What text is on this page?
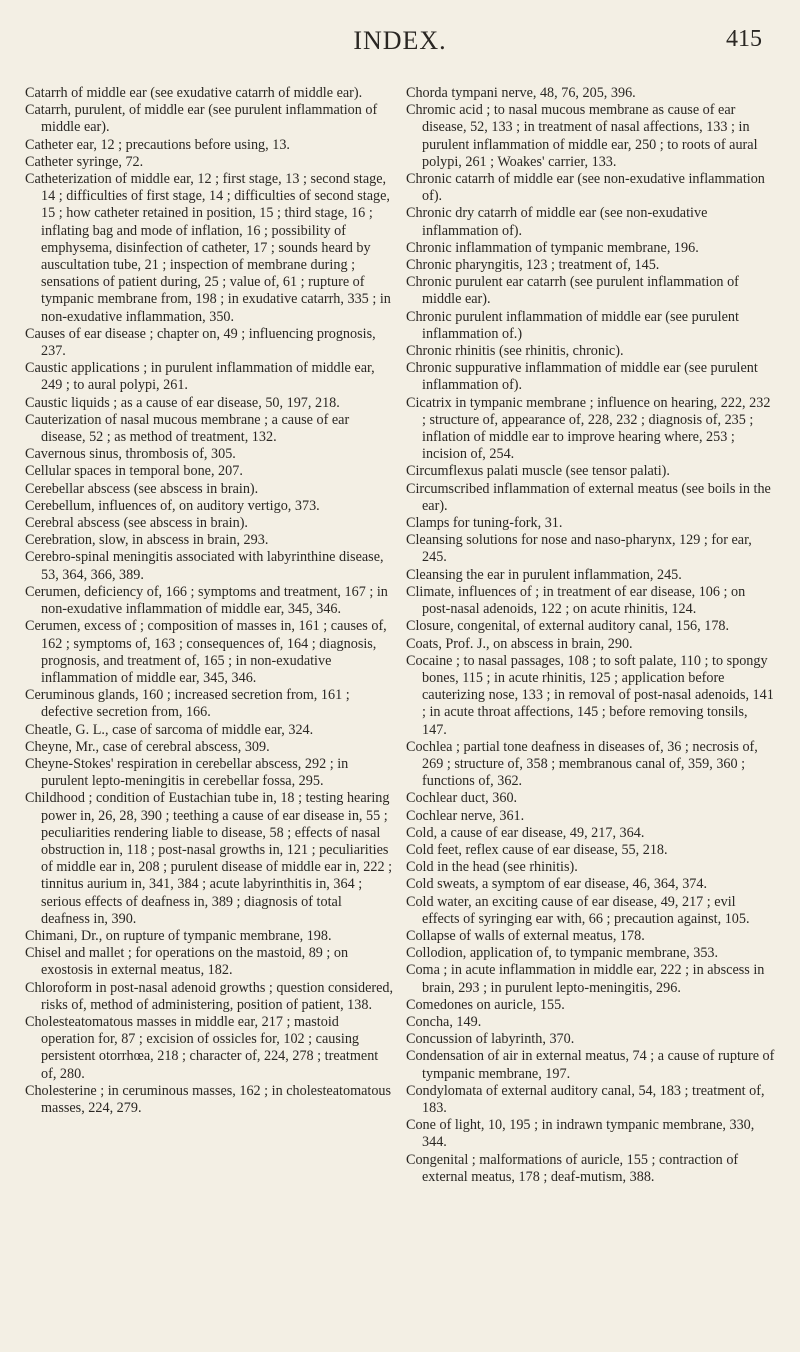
INDEX.	415

Catarrh of middle ear (see exudative catarrh of middle ear).

Catarrh, purulent, of middle ear (see purulent inflammation of middle ear).

Catheter ear, 12 ; precautions before using, 13.

Catheter syringe, 72.

Catheterization of middle ear, 12 ; first stage, 13 ; second stage, 14 ; difficulties of first stage, 14 ; difficulties of second stage, 15 ; how catheter retained in position, 15 ; third stage, 16 ; inflating bag and mode of inflation, 16 ; possibility of emphysema, disinfection of catheter, 17 ; sounds heard by auscultation tube, 21 ; inspection of membrane during ; sensations of patient during, 25 ; value of, 61 ; rupture of tympanic membrane from, 198 ; in exudative catarrh, 335 ; in non-exudative inflammation, 350.

Causes of ear disease ; chapter on, 49 ; influencing prognosis, 237.

Caustic applications ; in purulent inflammation of middle ear, 249 ; to aural polypi, 261.

Caustic liquids ; as a cause of ear disease, 50, 197, 218.

Cauterization of nasal mucous membrane ; a cause of ear disease, 52 ; as method of treatment, 132.

Cavernous sinus, thrombosis of, 305.

Cellular spaces in temporal bone, 207.

Cerebellar abscess (see abscess in brain).

Cerebellum, influences of, on auditory vertigo, 373.

Cerebral abscess (see abscess in brain).

Cerebration, slow, in abscess in brain, 293.

Cerebro-spinal meningitis associated with labyrinthine disease, 53, 364, 366, 389.

Cerumen, deficiency of, 166 ; symptoms and treatment, 167 ; in non-exudative inflammation of middle ear, 345, 346.

Cerumen, excess of ; composition of masses in, 161 ; causes of, 162 ; symptoms of, 163 ; consequences of, 164 ; diagnosis, prognosis, and treatment of, 165 ; in non-exudative inflammation of middle ear, 345, 346.

Ceruminous glands, 160 ; increased secretion from, 161 ; defective secretion from, 166.

Cheatle, G. L., case of sarcoma of middle ear, 324.

Cheyne, Mr., case of cerebral abscess, 309.

Cheyne-Stokes' respiration in cerebellar abscess, 292 ; in purulent lepto-meningitis in cerebellar fossa, 295.

Childhood ; condition of Eustachian tube in, 18 ; testing hearing power in, 26, 28, 390 ; teething a cause of ear disease in, 55 ; peculiarities rendering liable to disease, 58 ; effects of nasal obstruction in, 118 ; post-nasal growths in, 121 ; peculiarities of middle ear in, 208 ; purulent disease of middle ear in, 222 ; tinnitus aurium in, 341, 384 ; acute labyrinthitis in, 364 ; serious effects of deafness in, 389 ; diagnosis of total deafness in, 390.

Chimani, Dr., on rupture of tympanic membrane, 198.

Chisel and mallet ; for operations on the mastoid, 89 ; on exostosis in external meatus, 182.

Chloroform in post-nasal adenoid growths ; question considered, risks of, method of administering, position of patient, 138.

Cholesteatomatous masses in middle ear, 217 ; mastoid operation for, 87 ; excision of ossicles for, 102 ; causing persistent otorrhœa, 218 ; character of, 224, 278 ; treatment of, 280.

Cholesterine ; in ceruminous masses, 162 ; in cholesteatomatous masses, 224, 279.

Chorda tympani nerve, 48, 76, 205, 396.

Chromic acid ; to nasal mucous membrane as cause of ear disease, 52, 133 ; in treatment of nasal affections, 133 ; in purulent inflammation of middle ear, 250 ; to roots of aural polypi, 261 ; Woakes' carrier, 133.

Chronic catarrh of middle ear (see non-exudative inflammation of).

Chronic dry catarrh of middle ear (see non-exudative inflammation of).

Chronic inflammation of tympanic membrane, 196.

Chronic pharyngitis, 123 ; treatment of, 145.

Chronic purulent ear catarrh (see purulent inflammation of middle ear).

Chronic purulent inflammation of middle ear (see purulent inflammation of.)

Chronic rhinitis (see rhinitis, chronic).

Chronic suppurative inflammation of middle ear (see purulent inflammation of).

Cicatrix in tympanic membrane ; influence on hearing, 222, 232 ; structure of, appearance of, 228, 232 ; diagnosis of, 235 ; inflation of middle ear to improve hearing where, 253 ; incision of, 254.

Circumflexus palati muscle (see tensor palati).

Circumscribed inflammation of external meatus (see boils in the ear).

Clamps for tuning-fork, 31.

Cleansing solutions for nose and naso-pharynx, 129 ; for ear, 245.

Cleansing the ear in purulent inflammation, 245.

Climate, influences of ; in treatment of ear disease, 106 ; on post-nasal adenoids, 122 ; on acute rhinitis, 124.

Closure, congenital, of external auditory canal, 156, 178.

Coats, Prof. J., on abscess in brain, 290.

Cocaine ; to nasal passages, 108 ; to soft palate, 110 ; to spongy bones, 115 ; in acute rhinitis, 125 ; application before cauterizing nose, 133 ; in removal of post-nasal adenoids, 141 ; in acute throat affections, 145 ; before removing tonsils, 147.

Cochlea ; partial tone deafness in diseases of, 36 ; necrosis of, 269 ; structure of, 358 ; membranous canal of, 359, 360 ; functions of, 362.

Cochlear duct, 360.

Cochlear nerve, 361.

Cold, a cause of ear disease, 49, 217, 364.

Cold feet, reflex cause of ear disease, 55, 218.

Cold in the head (see rhinitis).

Cold sweats, a symptom of ear disease, 46, 364, 374.

Cold water, an exciting cause of ear disease, 49, 217 ; evil effects of syringing ear with, 66 ; precaution against, 105.

Collapse of walls of external meatus, 178.

Collodion, application of, to tympanic membrane, 353.

Coma ; in acute inflammation in middle ear, 222 ; in abscess in brain, 293 ; in purulent lepto-meningitis, 296.

Comedones on auricle, 155.

Concha, 149.

Concussion of labyrinth, 370.

Condensation of air in external meatus, 74 ; a cause of rupture of tympanic membrane, 197.

Condylomata of external auditory canal, 54, 183 ; treatment of, 183.

Cone of light, 10, 195 ; in indrawn tympanic membrane, 330, 344.

Congenital ; malformations of auricle, 155 ; contraction of external meatus, 178 ; deaf-mutism, 388.
